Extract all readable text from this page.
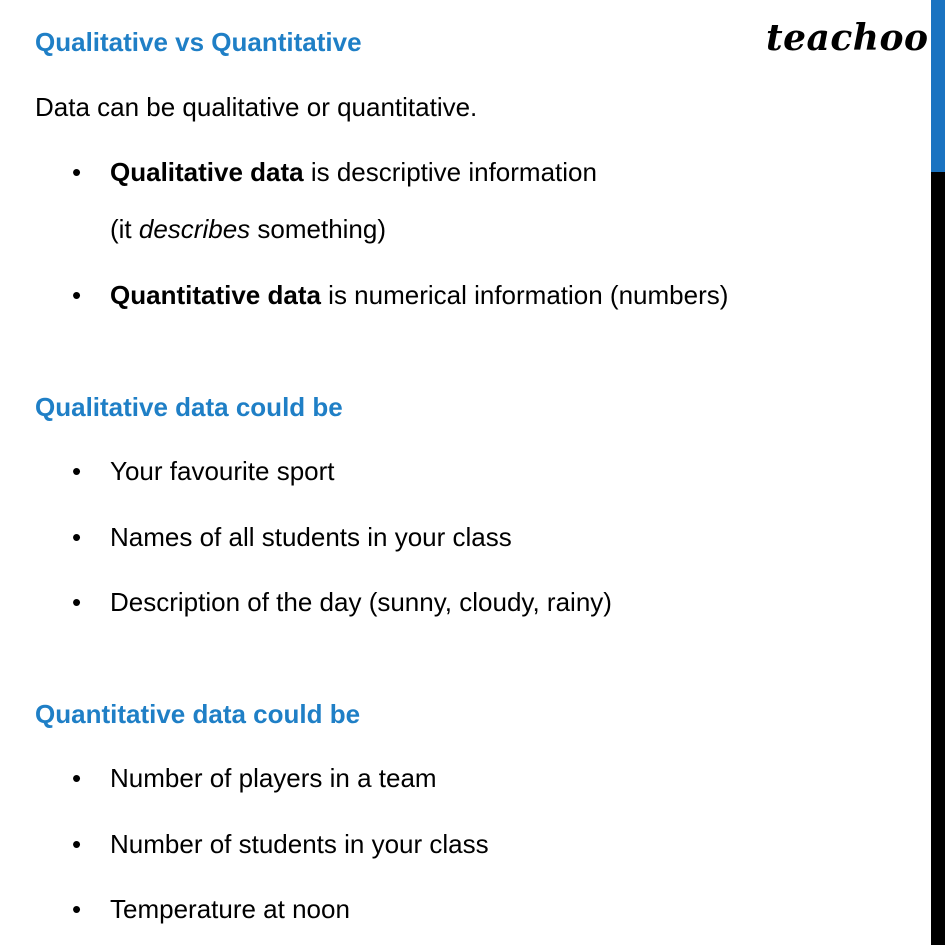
teachoo
Qualitative vs Quantitative
Data can be qualitative or quantitative.
• Qualitative data is descriptive information
(it describes something)
• Quantitative data is numerical information (numbers)
Qualitative data could be
• Your favourite sport
• Names of all students in your class
• Description of the day (sunny, cloudy, rainy)
Quantitative data could be
• Number of players in a team
• Number of students in your class
• Temperature at noon
